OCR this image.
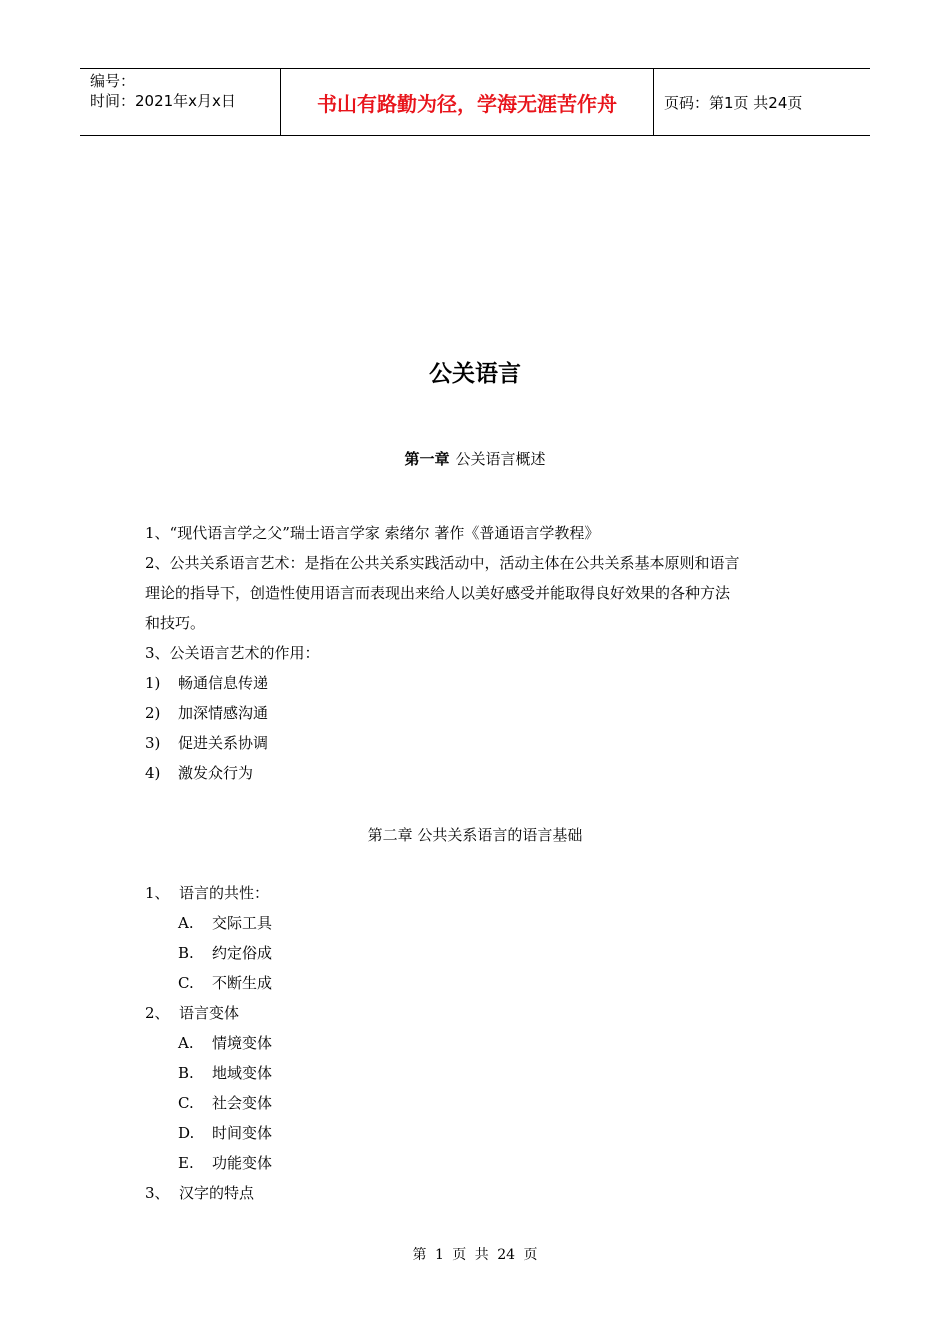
编号：
时间：2021年x月x日	书山有路勤为径，学海无涯苦作舟	页码：第1页 共24页
公关语言
第一章 公关语言概述
1、“现代语言学之父”瑞士语言学家 索绪尔 著作《普通语言学教程》
2、公共关系语言艺术：是指在公共关系实践活动中，活动主体在公共关系基本原则和语言
理论的指导下，创造性使用语言而表现出来给人以美好感受并能取得良好效果的各种方法
和技巧。
3、公关语言艺术的作用：
1) 畅通信息传递
2) 加深情感沟通
3) 促进关系协调
4) 激发众行为
第二章 公共关系语言的语言基础
1、 语言的共性：
A. 交际工具
B. 约定俗成
C. 不断生成
2、 语言变体
A. 情境变体
B. 地域变体
C. 社会变体
D. 时间变体
E. 功能变体
3、 汉字的特点
第 1 页 共 24 页
